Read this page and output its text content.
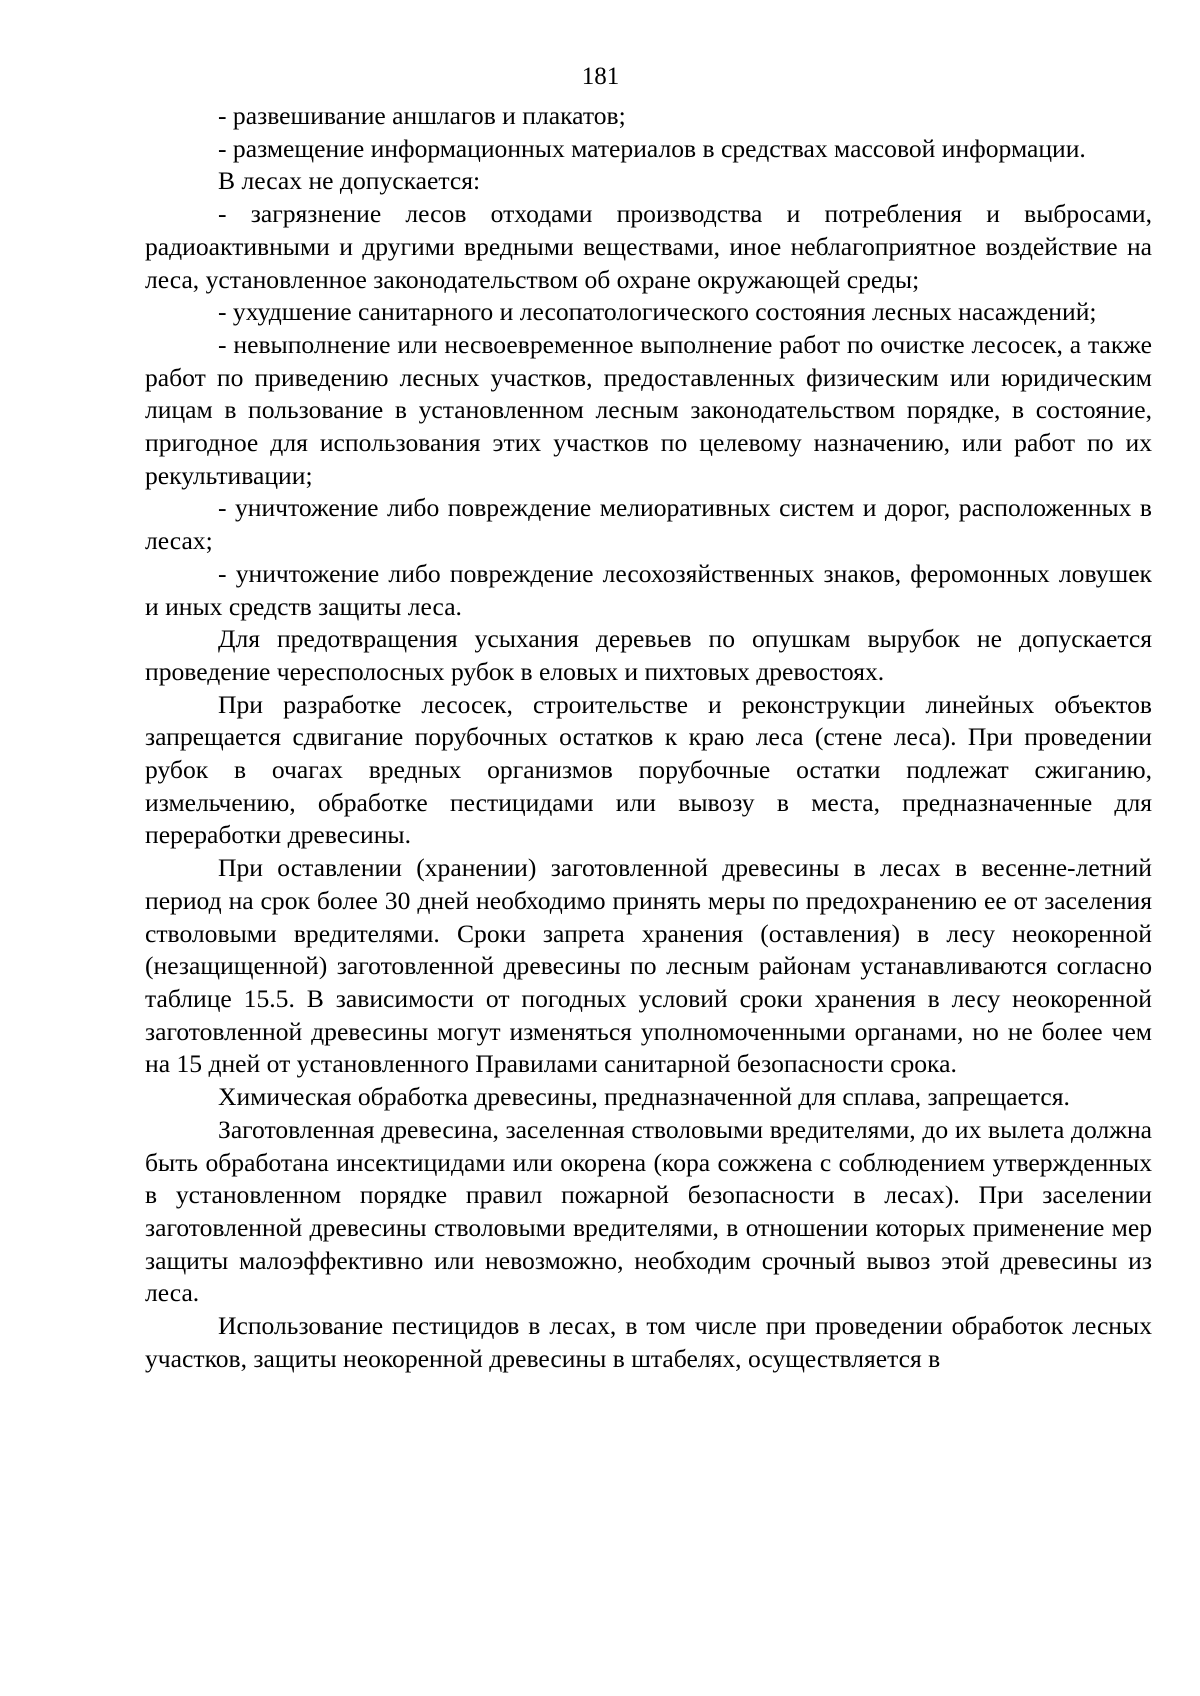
181

- развешивание аншлагов и плакатов;

- размещение информационных материалов в средствах массовой информации.

В лесах не допускается:

- загрязнение лесов отходами производства и потребления и выбросами, радиоактивными и другими вредными веществами, иное неблагоприятное воздействие на леса, установленное законодательством об охране окружающей среды;

- ухудшение санитарного и лесопатологического состояния лесных насаждений;

- невыполнение или несвоевременное выполнение работ по очистке лесосек, а также работ по приведению лесных участков, предоставленных физическим или юридическим лицам в пользование в установленном лесным законодательством порядке, в состояние, пригодное для использования этих участков по целевому назначению, или работ по их рекультивации;

- уничтожение либо повреждение мелиоративных систем и дорог, расположенных в лесах;

- уничтожение либо повреждение лесохозяйственных знаков, феромонных ловушек и иных средств защиты леса.

Для предотвращения усыхания деревьев по опушкам вырубок не допускается проведение чересполосных рубок в еловых и пихтовых древостоях.

При разработке лесосек, строительстве и реконструкции линейных объектов запрещается сдвигание порубочных остатков к краю леса (стене леса). При проведении рубок в очагах вредных организмов порубочные остатки подлежат сжиганию, измельчению, обработке пестицидами или вывозу в места, предназначенные для переработки древесины.

При оставлении (хранении) заготовленной древесины в лесах в весенне-летний период на срок более 30 дней необходимо принять меры по предохранению ее от заселения стволовыми вредителями. Сроки запрета хранения (оставления) в лесу неокоренной (незащищенной) заготовленной древесины по лесным районам устанавливаются согласно таблице 15.5. В зависимости от погодных условий сроки хранения в лесу неокоренной заготовленной древесины могут изменяться уполномоченными органами, но не более чем на 15 дней от установленного Правилами санитарной безопасности срока.

Химическая обработка древесины, предназначенной для сплава, запрещается.

Заготовленная древесина, заселенная стволовыми вредителями, до их вылета должна быть обработана инсектицидами или окорена (кора сожжена с соблюдением утвержденных в установленном порядке правил пожарной безопасности в лесах). При заселении заготовленной древесины стволовыми вредителями, в отношении которых применение мер защиты малоэффективно или невозможно, необходим срочный вывоз этой древесины из леса.

Использование пестицидов в лесах, в том числе при проведении обработок лесных участков, защиты неокоренной древесины в штабелях, осуществляется в
